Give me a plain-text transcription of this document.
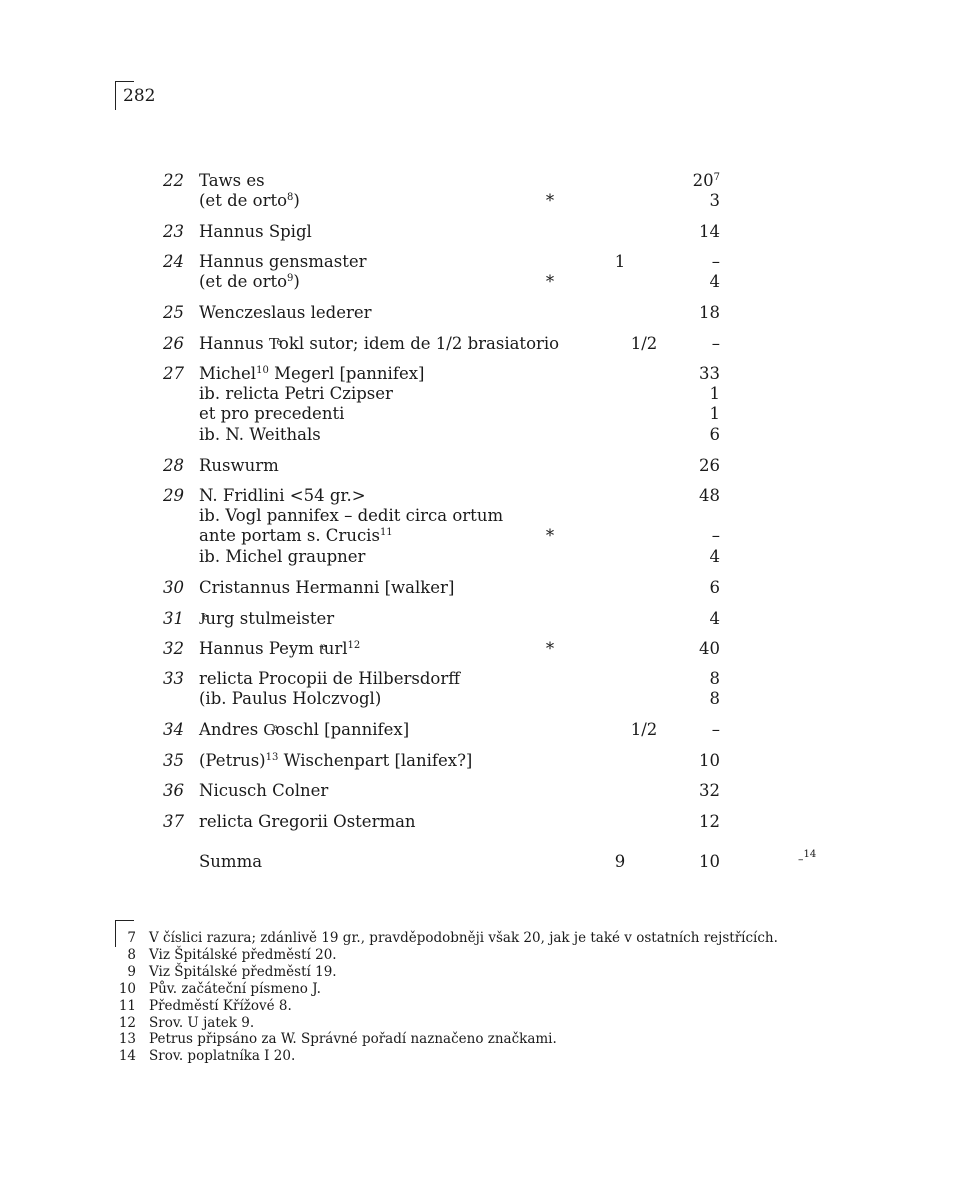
282
22 Taws es	$20^7$
(et de orto$^8$)	*	3
23 Hannus Spigl	14
24 Hannus gensmaster	1	–
(et de orto$^9$)	*	4
25 Wenczeslaus lederer	18
26 Hannus Tͤokl sutor; idem de 1/2 brasiatorio	1/2	–
27 Michel$^{10}$ Megerl [pannifex]	33
ib. relicta Petri Czipser	1
et pro precedenti	1
ib. N. Weithals	6
28 Ruswurm	26
29 N. Fridlini <54 gr.>	48
ib. Vogl pannifex – dedit circa ortum
ante portam s. Crucis$^{11}$	*	–
ib. Michel graupner	4
30 Cristannus Hermanni [walker]	6
31 Jͤurg stulmeister	4
32 Hannus Peym tͤurl$^{12}$	*	40
33 relicta Procopii de Hilbersdorff	8
(ib. Paulus Holczvogl)	8
34 Andres Gͤoschl [pannifex]	1/2	–
35 (Petrus)$^{13}$ Wischenpart [lanifex?]	10
36 Nicusch Colner	32
37 relicta Gregorii Osterman	12
Summa	9	10	–$^{14}$
7 V číslici razura; zdánlivě 19 gr., pravděpodobněji však 20, jak je také v ostatních rejstřících.
8 Viz Špitálské předměstí 20.
9 Viz Špitálské předměstí 19.
10 Pův. začáteční písmeno J.
11 Předměstí Křížové 8.
12 Srov. U jatek 9.
13 Petrus připsáno za W. Správné pořadí naznačeno značkami.
14 Srov. poplatníka I 20.
